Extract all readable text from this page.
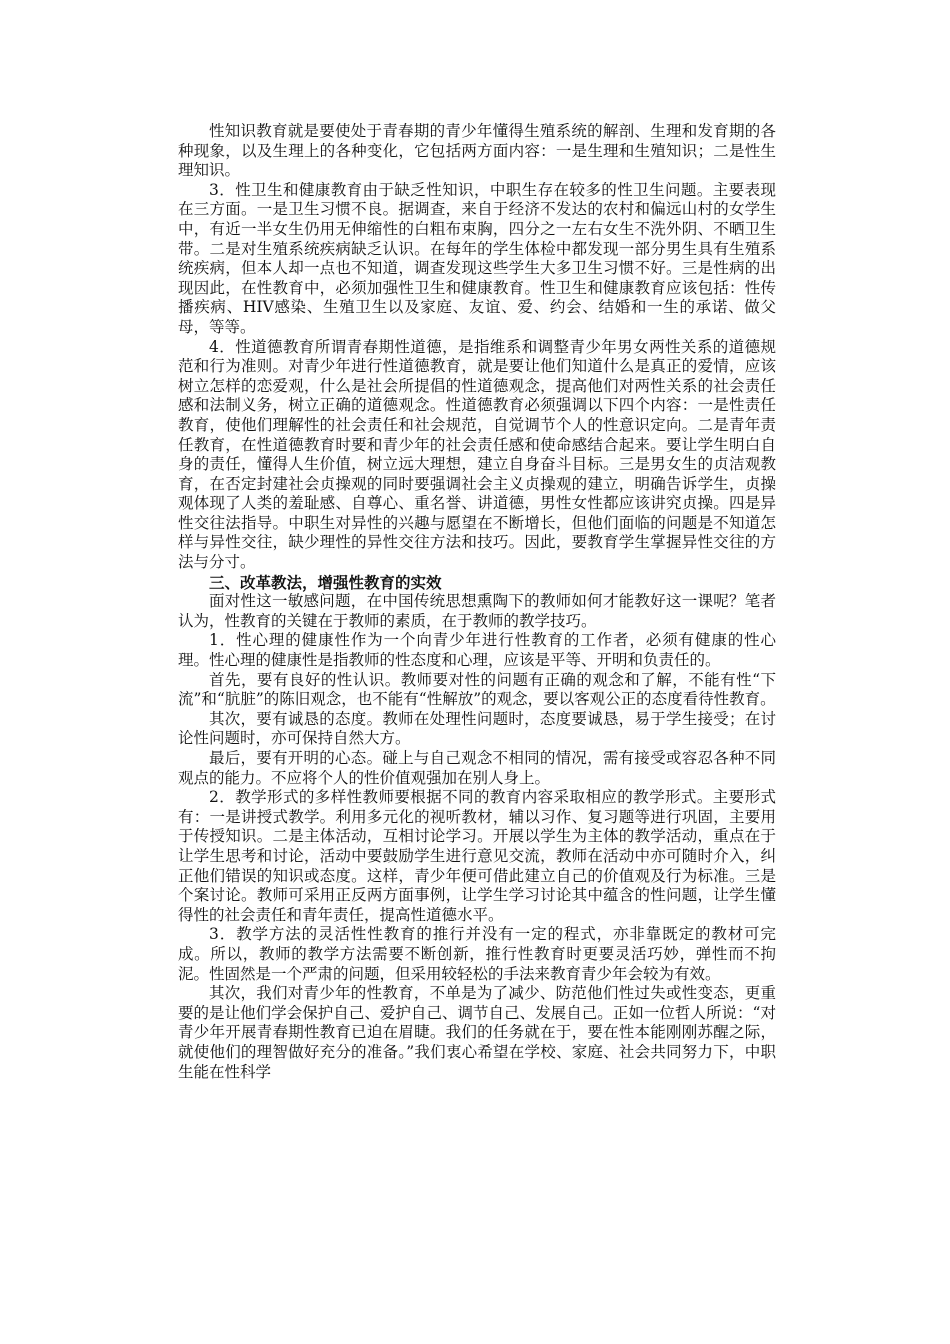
性知识教育就是要使处于青春期的青少年懂得生殖系统的解剖、生理和发育期的各种现象，以及生理上的各种变化，它包括两方面内容：一是生理和生殖知识；二是性生理知识。

3．性卫生和健康教育由于缺乏性知识，中职生存在较多的性卫生问题。主要表现在三方面。一是卫生习惯不良。据调查，来自于经济不发达的农村和偏远山村的女学生中，有近一半女生仍用无伸缩性的白粗布束胸，四分之一左右女生不洗外阴、不晒卫生带。二是对生殖系统疾病缺乏认识。在每年的学生体检中都发现一部分男生具有生殖系统疾病，但本人却一点也不知道，调查发现这些学生大多卫生习惯不好。三是性病的出现因此，在性教育中，必须加强性卫生和健康教育。性卫生和健康教育应该包括：性传播疾病、HIV感染、生殖卫生以及家庭、友谊、爱、约会、结婚和一生的承诺、做父母，等等。

4．性道德教育所谓青春期性道德，是指维系和调整青少年男女两性关系的道德规范和行为准则。对青少年进行性道德教育，就是要让他们知道什么是真正的爱情，应该树立怎样的恋爱观，什么是社会所提倡的性道德观念，提高他们对两性关系的社会责任感和法制义务，树立正确的道德观念。性道德教育必须强调以下四个内容：一是性责任教育，使他们理解性的社会责任和社会规范，自觉调节个人的性意识定向。二是青年责任教育，在性道德教育时要和青少年的社会责任感和使命感结合起来。要让学生明白自身的责任，懂得人生价值，树立远大理想，建立自身奋斗目标。三是男女生的贞洁观教育，在否定封建社会贞操观的同时要强调社会主义贞操观的建立，明确告诉学生，贞操观体现了人类的羞耻感、自尊心、重名誉、讲道德，男性女性都应该讲究贞操。四是异性交往法指导。中职生对异性的兴趣与愿望在不断增长，但他们面临的问题是不知道怎样与异性交往，缺少理性的异性交往方法和技巧。因此，要教育学生掌握异性交往的方法与分寸。

三、改革教法，增强性教育的实效

面对性这一敏感问题，在中国传统思想熏陶下的教师如何才能教好这一课呢？笔者认为，性教育的关键在于教师的素质，在于教师的教学技巧。

1．性心理的健康性作为一个向青少年进行性教育的工作者，必须有健康的性心理。性心理的健康性是指教师的性态度和心理，应该是平等、开明和负责任的。

首先，要有良好的性认识。教师要对性的问题有正确的观念和了解，不能有性“下流”和“肮脏”的陈旧观念，也不能有“性解放”的观念，要以客观公正的态度看待性教育。

其次，要有诚恳的态度。教师在处理性问题时，态度要诚恳，易于学生接受；在讨论性问题时，亦可保持自然大方。

最后，要有开明的心态。碰上与自己观念不相同的情况，需有接受或容忍各种不同观点的能力。不应将个人的性价值观强加在别人身上。

2．教学形式的多样性教师要根据不同的教育内容采取相应的教学形式。主要形式有：一是讲授式教学。利用多元化的视听教材，辅以习作、复习题等进行巩固，主要用于传授知识。二是主体活动，互相讨论学习。开展以学生为主体的教学活动，重点在于让学生思考和讨论，活动中要鼓励学生进行意见交流，教师在活动中亦可随时介入，纠正他们错误的知识或态度。这样，青少年便可借此建立自己的价值观及行为标准。三是个案讨论。教师可采用正反两方面事例，让学生学习讨论其中蕴含的性问题，让学生懂得性的社会责任和青年责任，提高性道德水平。

3．教学方法的灵活性性教育的推行并没有一定的程式，亦非靠既定的教材可完成。所以，教师的教学方法需要不断创新，推行性教育时更要灵活巧妙，弹性而不拘泥。性固然是一个严肃的问题，但采用较轻松的手法来教育青少年会较为有效。

其次，我们对青少年的性教育，不单是为了减少、防范他们性过失或性变态，更重要的是让他们学会保护自己、爱护自己、调节自己、发展自己。正如一位哲人所说：“对青少年开展青春期性教育已迫在眉睫。我们的任务就在于，要在性本能刚刚苏醒之际，就使他们的理智做好充分的准备。”我们衷心希望在学校、家庭、社会共同努力下，中职生能在性科学
